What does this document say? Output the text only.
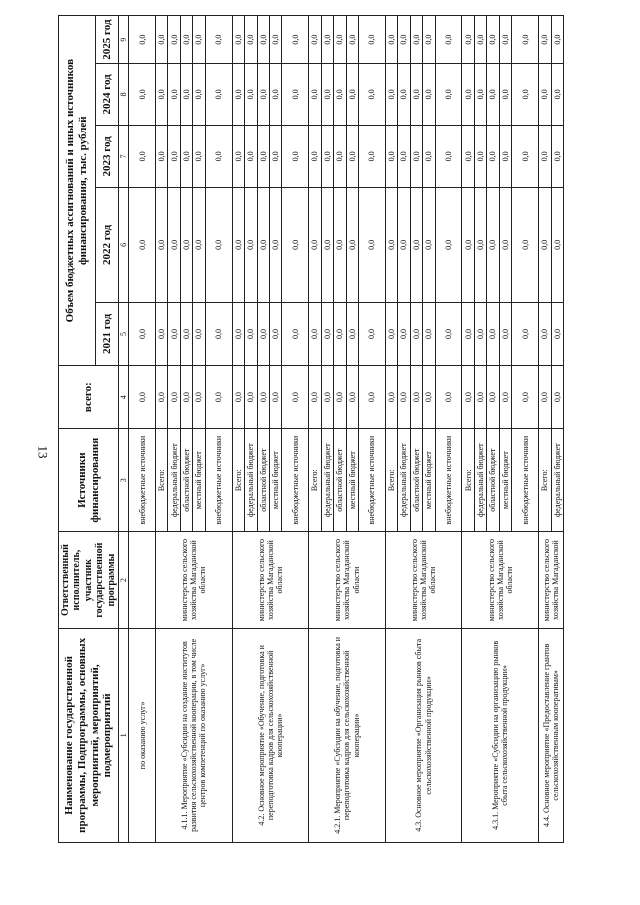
13
Наименование государственной программы, Подпрограммы, основных мероприятий, мероприятий, подмероприятий	Ответственный исполнитель, участник государственной программы	Источники финансирования	всего:	Объем бюджетных ассигнований и иных источников финансирования, тыс. рублей				
				2021 год	2022 год	2023 год	2024 год	2025 год
1	2	3	4	5	6	7	8	9
по оказанию услуг»		внебюджетные источники	0,0	0,0	0,0	0,0	0,0	0,0
4.1.1. Мероприятие «Субсидии на создание институтов развития сельскохозяйственной кооперации, в том числе центров компетенций по оказанию услуг»	министерство сельского хозяйства Магаданской области	Всего:	0,0	0,0	0,0	0,0	0,0	0,0
		федеральный бюджет	0,0	0,0	0,0	0,0	0,0	0,0
		областной бюджет	0,0	0,0	0,0	0,0	0,0	0,0
		местный бюджет	0,0	0,0	0,0	0,0	0,0	0,0
		внебюджетные источники	0,0	0,0	0,0	0,0	0,0	0,0
4.2. Основное мероприятие «Обучение, подготовка и переподготовка кадров для сельскохозяйственной кооперации»	министерство сельского хозяйства Магаданской области	Всего:	0,0	0,0	0,0	0,0	0,0	0,0
		федеральный бюджет	0,0	0,0	0,0	0,0	0,0	0,0
		областной бюджет	0,0	0,0	0,0	0,0	0,0	0,0
		местный бюджет	0,0	0,0	0,0	0,0	0,0	0,0
		внебюджетные источники	0,0	0,0	0,0	0,0	0,0	0,0
4.2.1. Мероприятие «Субсидии на обучение, подготовка и переподготовка кадров для сельскохозяйственной кооперации»	министерство сельского хозяйства Магаданской области	Всего:	0,0	0,0	0,0	0,0	0,0	0,0
		федеральный бюджет	0,0	0,0	0,0	0,0	0,0	0,0
		областной бюджет	0,0	0,0	0,0	0,0	0,0	0,0
		местный бюджет	0,0	0,0	0,0	0,0	0,0	0,0
		внебюджетные источники	0,0	0,0	0,0	0,0	0,0	0,0
4.3. Основное мероприятие «Организация рынков сбыта сельскохозяйственной продукции»	министерство сельского хозяйства Магаданской области	Всего:	0,0	0,0	0,0	0,0	0,0	0,0
		федеральный бюджет	0,0	0,0	0,0	0,0	0,0	0,0
		областной бюджет	0,0	0,0	0,0	0,0	0,0	0,0
		местный бюджет	0,0	0,0	0,0	0,0	0,0	0,0
		внебюджетные источники	0,0	0,0	0,0	0,0	0,0	0,0
4.3.1. Мероприятие «Субсидии на организацию рынков сбыта сельскохозяйственной продукции»	министерство сельского хозяйства Магаданской области	Всего:	0,0	0,0	0,0	0,0	0,0	0,0
		федеральный бюджет	0,0	0,0	0,0	0,0	0,0	0,0
		областной бюджет	0,0	0,0	0,0	0,0	0,0	0,0
		местный бюджет	0,0	0,0	0,0	0,0	0,0	0,0
		внебюджетные источники	0,0	0,0	0,0	0,0	0,0	0,0
4.4. Основное мероприятие «Предоставление грантов сельскохозяйственным кооперативам»	министерство сельского хозяйства Магаданской	Всего:	0,0	0,0	0,0	0,0	0,0	0,0
		федеральный бюджет	0,0	0,0	0,0	0,0	0,0	0,0
